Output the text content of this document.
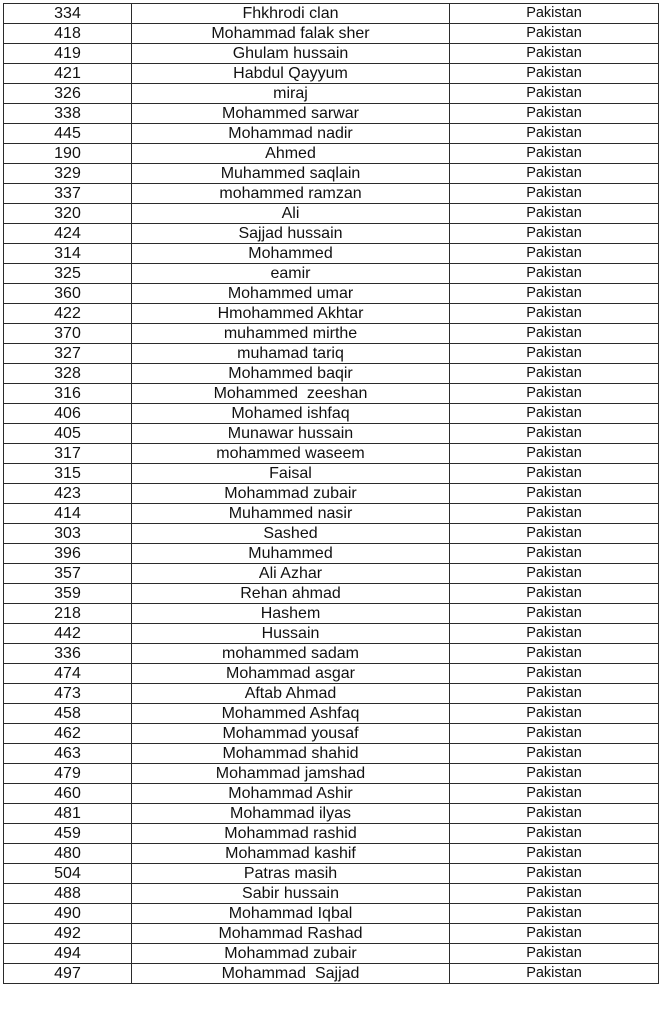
334	Fhkhrodi clan	Pakistan
418	Mohammad falak sher	Pakistan
419	Ghulam hussain	Pakistan
421	Habdul Qayyum	Pakistan
326	miraj	Pakistan
338	Mohammed sarwar	Pakistan
445	Mohammad nadir	Pakistan
190	Ahmed	Pakistan
329	Muhammed saqlain	Pakistan
337	mohammed ramzan	Pakistan
320	Ali	Pakistan
424	Sajjad hussain	Pakistan
314	Mohammed	Pakistan
325	eamir	Pakistan
360	Mohammed umar	Pakistan
422	Hmohammed Akhtar	Pakistan
370	muhammed mirthe	Pakistan
327	muhamad tariq	Pakistan
328	Mohammed baqir	Pakistan
316	Mohammed  zeeshan	Pakistan
406	Mohamed ishfaq	Pakistan
405	Munawar hussain	Pakistan
317	mohammed waseem	Pakistan
315	Faisal	Pakistan
423	Mohammad zubair	Pakistan
414	Muhammed nasir	Pakistan
303	Sashed	Pakistan
396	Muhammed	Pakistan
357	Ali Azhar	Pakistan
359	Rehan ahmad	Pakistan
218	Hashem	Pakistan
442	Hussain	Pakistan
336	mohammed sadam	Pakistan
474	Mohammad asgar	Pakistan
473	Aftab Ahmad	Pakistan
458	Mohammed Ashfaq	Pakistan
462	Mohammad yousaf	Pakistan
463	Mohammad shahid	Pakistan
479	Mohammad jamshad	Pakistan
460	Mohammad Ashir	Pakistan
481	Mohammad ilyas	Pakistan
459	Mohammad rashid	Pakistan
480	Mohammad kashif	Pakistan
504	Patras masih	Pakistan
488	Sabir hussain	Pakistan
490	Mohammad Iqbal	Pakistan
492	Mohammad Rashad	Pakistan
494	Mohammad zubair	Pakistan
497	Mohammad  Sajjad	Pakistan
